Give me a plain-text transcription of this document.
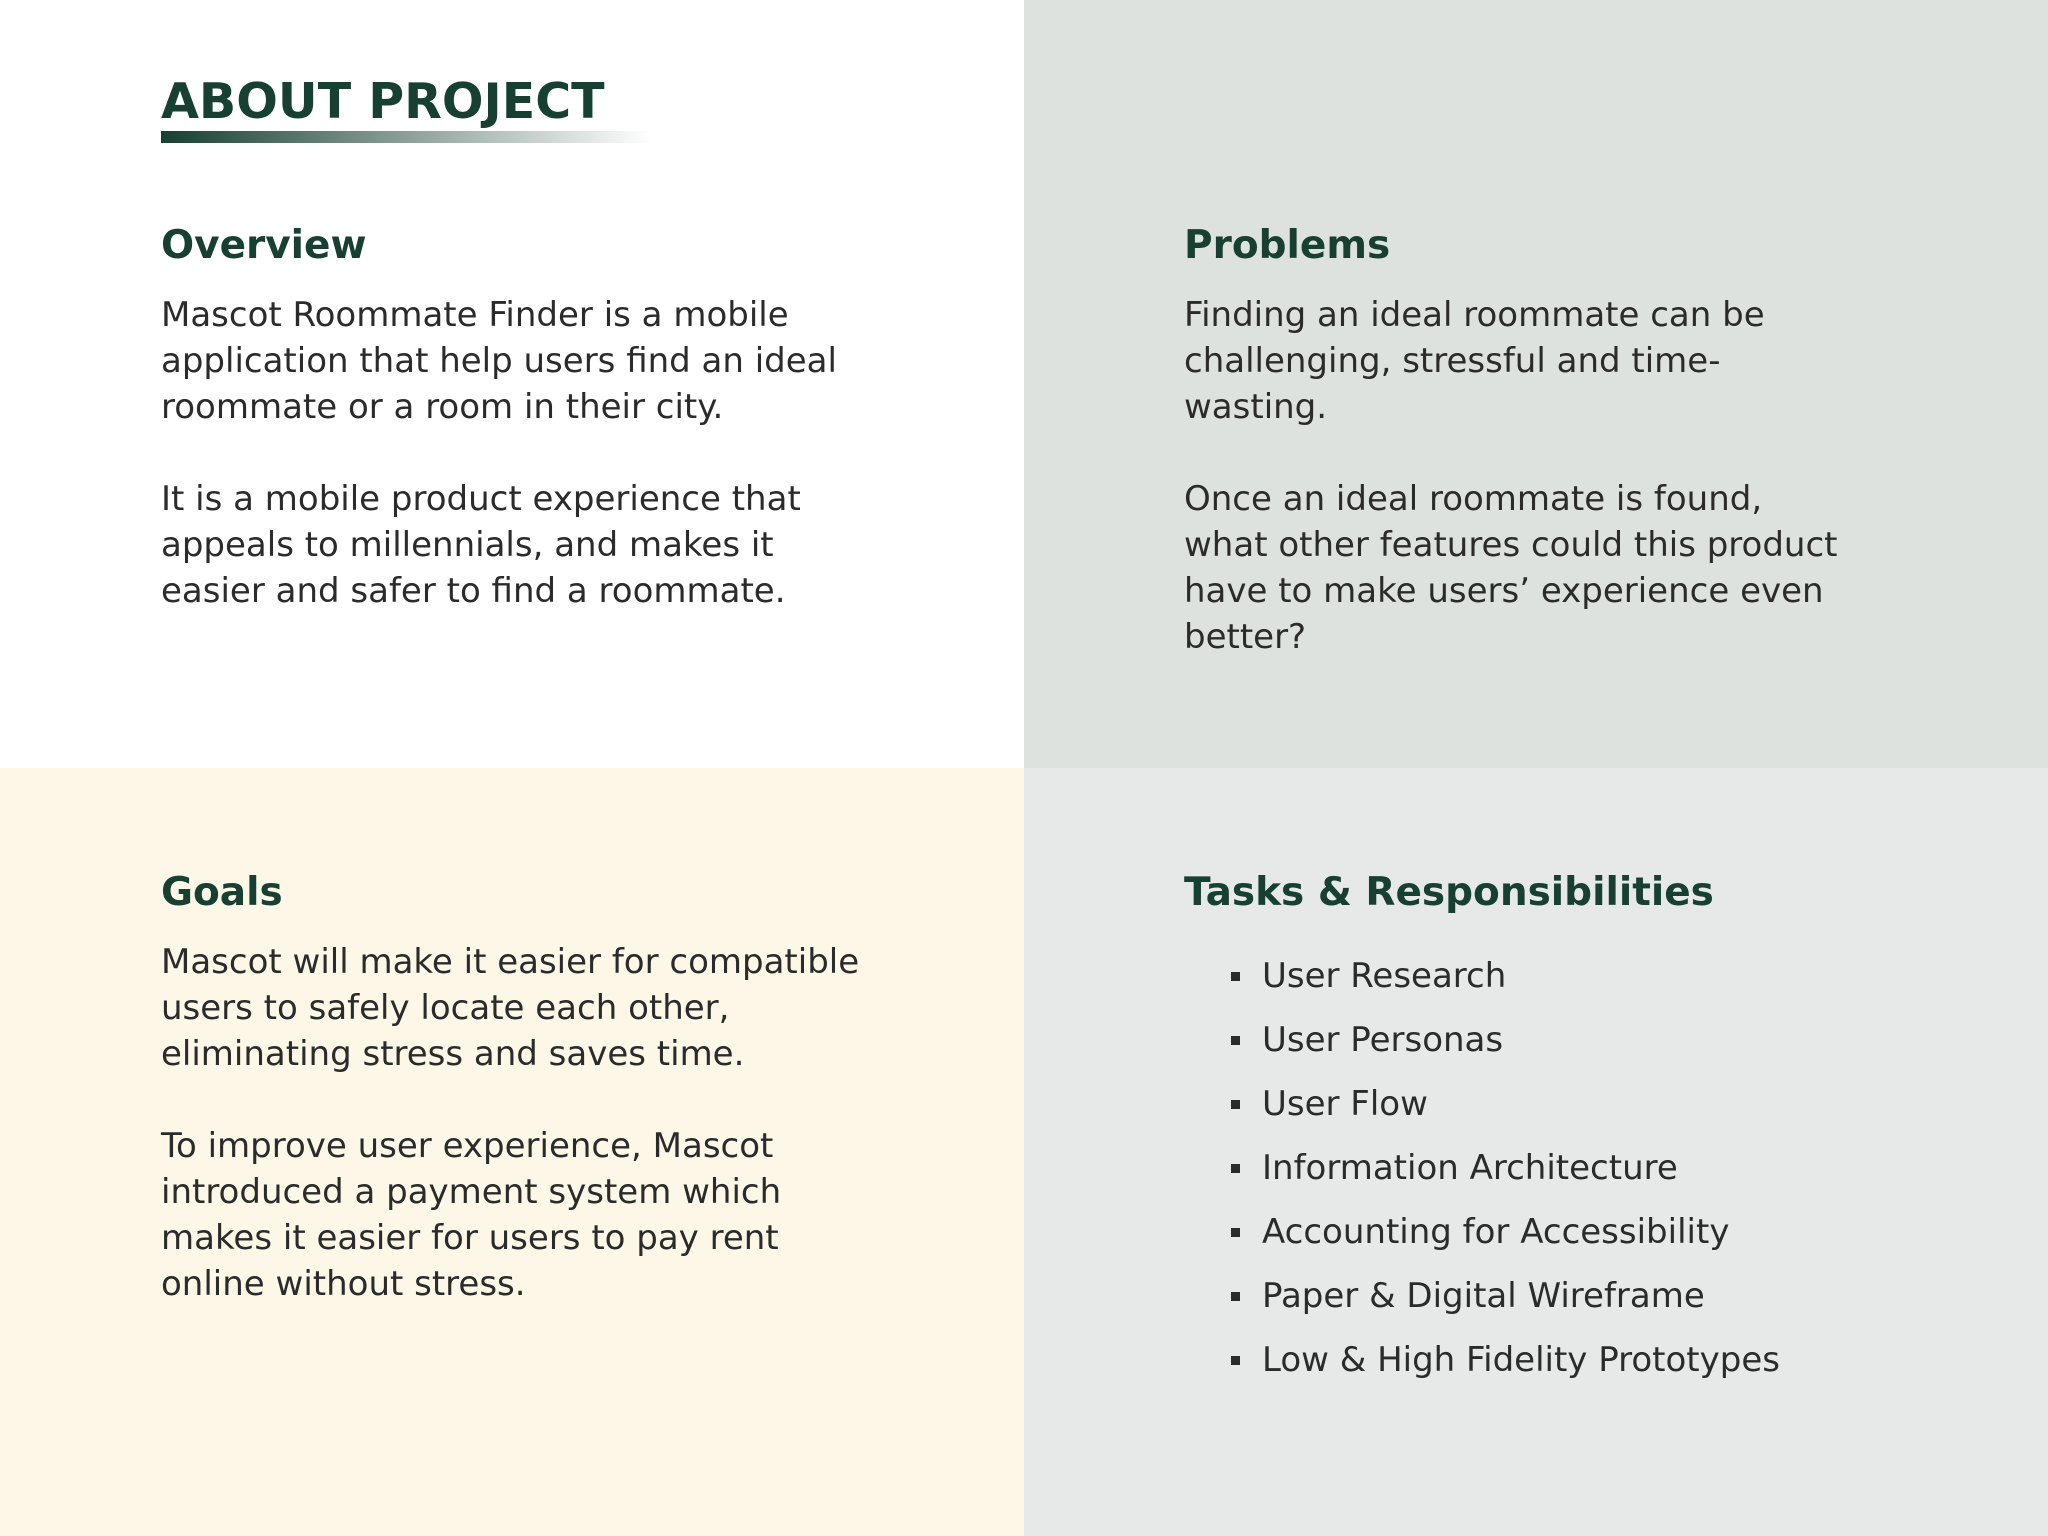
ABOUT PROJECT
Overview

Mascot Roommate Finder is a mobile application that help users find an ideal roommate or a room in their city.

It is a mobile product experience that appeals to millennials, and makes it easier and safer to find a roommate.

Problems

Finding an ideal roommate can be challenging, stressful and time-wasting.

Once an ideal roommate is found, what other features could this product have to make users’ experience even better?

Goals

Mascot will make it easier for compatible users to safely locate each other, eliminating stress and saves time.

To improve user experience, Mascot introduced a payment system which makes it easier for users to pay rent online without stress.

Tasks & Responsibilities
User Research
User Personas
User Flow
Information Architecture
Accounting for Accessibility
Paper & Digital Wireframe
Low & High Fidelity Prototypes
